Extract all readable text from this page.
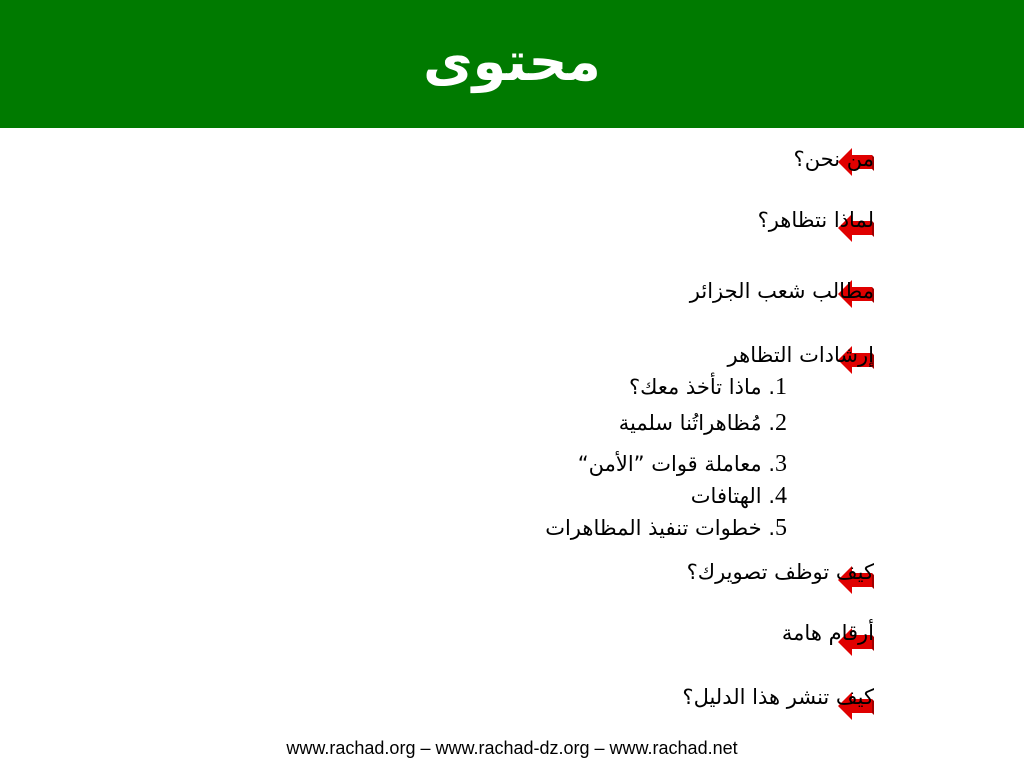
محتوى
من نحن؟
لماذا نتظاهر؟
مطالب شعب الجزائر
إرشادات التظاهر
1. ماذا تأخذ معك؟
2. مُظاهراتُنا سلمية
3. معاملة قوات ”الأمن“
4. الهتافات
5. خطوات تنفيذ المظاهرات
كيف توظف تصويرك؟
أرقام هامة
كيف تنشر هذا الدليل؟
www.rachad.org – www.rachad-dz.org – www.rachad.net
